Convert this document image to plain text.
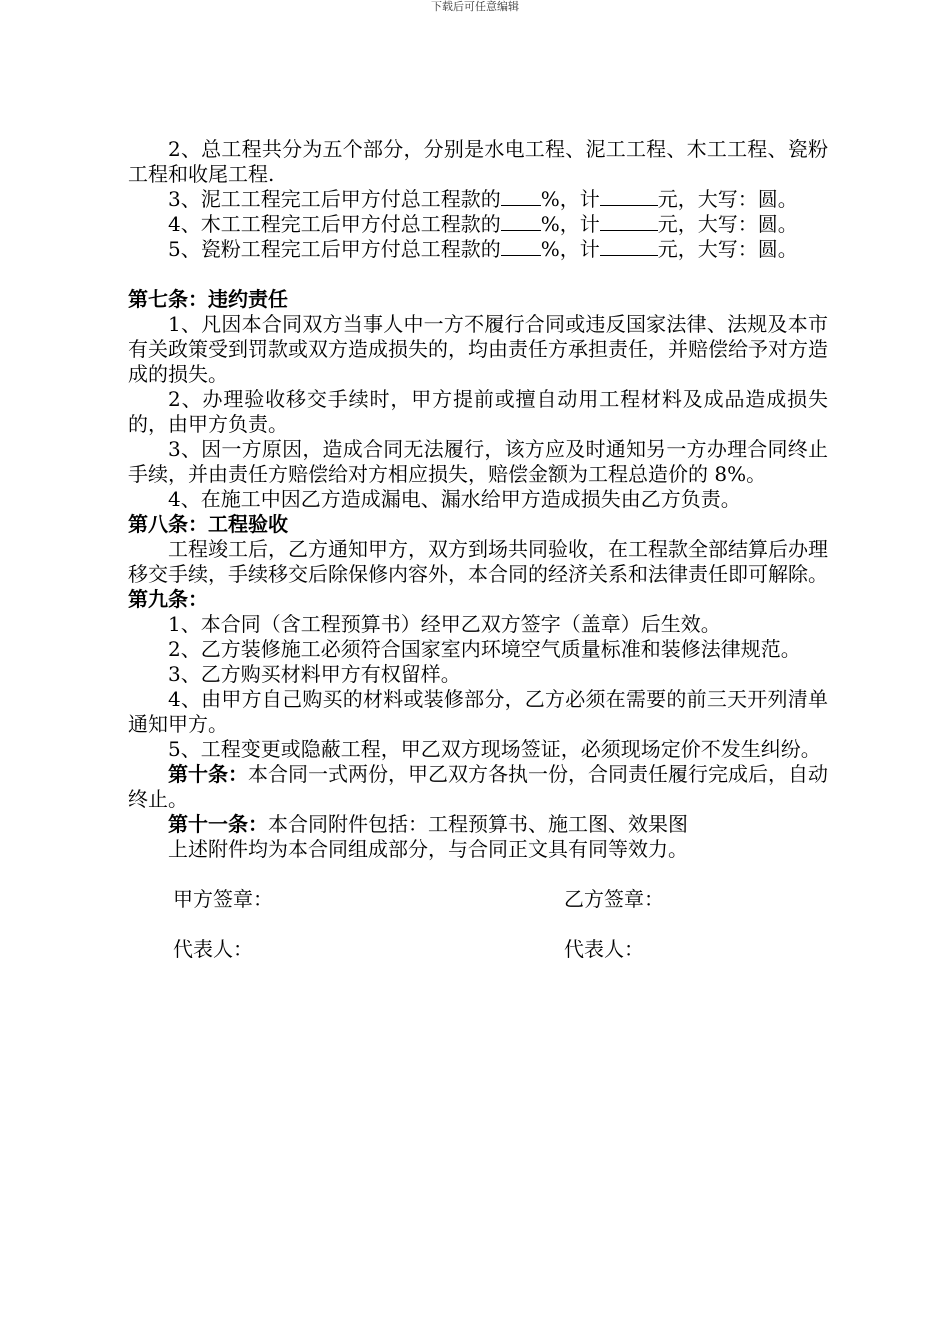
下载后可任意编辑

2、总工程共分为五个部分，分别是水电工程、泥工工程、木工工程、瓷粉工程和收尾工程.

3、泥工工程完工后甲方付总工程款的 %，计	元，大写：圆。

4、木工工程完工后甲方付总工程款的 %，计	元，大写：圆。

5、瓷粉工程完工后甲方付总工程款的 %，计	元，大写：圆。

第七条：违约责任

1、凡因本合同双方当事人中一方不履行合同或违反国家法律、法规及本市有关政策受到罚款或双方造成损失的，均由责任方承担责任，并赔偿给予对方造成的损失。

2、办理验收移交手续时，甲方提前或擅自动用工程材料及成品造成损失的，由甲方负责。

3、因一方原因，造成合同无法履行，该方应及时通知另一方办理合同终止手续，并由责任方赔偿给对方相应损失，赔偿金额为工程总造价的 8%。

4、在施工中因乙方造成漏电、漏水给甲方造成损失由乙方负责。

第八条：工程验收

工程竣工后，乙方通知甲方，双方到场共同验收，在工程款全部结算后办理移交手续，手续移交后除保修内容外，本合同的经济关系和法律责任即可解除。

第九条：

1、本合同（含工程预算书）经甲乙双方签字（盖章）后生效。

2、乙方装修施工必须符合国家室内环境空气质量标准和装修法律规范。

3、乙方购买材料甲方有权留样。

4、由甲方自己购买的材料或装修部分，乙方必须在需要的前三天开列清单通知甲方。

5、工程变更或隐蔽工程，甲乙双方现场签证，必须现场定价不发生纠纷。

第十条：本合同一式两份，甲乙双方各执一份，合同责任履行完成后，自动终止。

第十一条：本合同附件包括：工程预算书、施工图、效果图

上述附件均为本合同组成部分，与合同正文具有同等效力。

甲方签章：	乙方签章：
代表人：	代表人：
